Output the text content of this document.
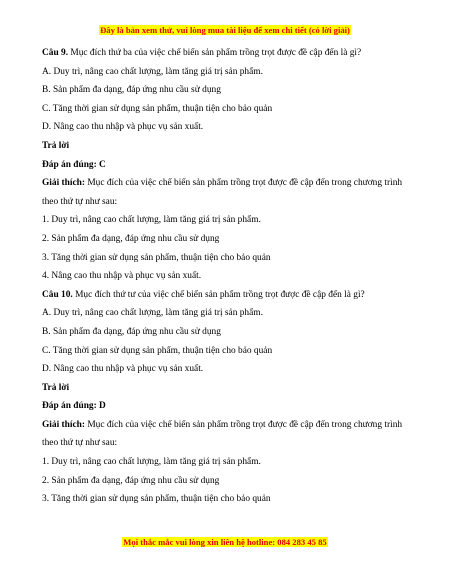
Đây là bản xem thử, vui lòng mua tài liệu để xem chi tiết (có lời giải)
Câu 9. Mục đích thứ ba của việc chế biến sản phẩm trồng trọt được đề cập đến là gì?
A. Duy trì, nâng cao chất lượng, làm tăng giá trị sản phẩm.
B. Sản phẩm đa dạng, đáp ứng nhu cầu sử dụng
C. Tăng thời gian sử dụng sản phẩm, thuận tiện cho bảo quản
D. Nâng cao thu nhập và phục vụ sản xuất.
Trả lời
Đáp án đúng: C
Giải thích: Mục đích của việc chế biến sản phẩm trồng trọt được đề cập đến trong chương trình theo thứ tự như sau:
1. Duy trì, nâng cao chất lượng, làm tăng giá trị sản phẩm.
2. Sản phẩm đa dạng, đáp ứng nhu cầu sử dụng
3. Tăng thời gian sử dụng sản phẩm, thuận tiện cho bảo quản
4. Nâng cao thu nhập và phục vụ sản xuất.
Câu 10. Mục đích thứ tư của việc chế biến sản phẩm trồng trọt được đề cập đến là gì?
A. Duy trì, nâng cao chất lượng, làm tăng giá trị sản phẩm.
B. Sản phẩm đa dạng, đáp ứng nhu cầu sử dụng
C. Tăng thời gian sử dụng sản phẩm, thuận tiện cho bảo quản
D. Nâng cao thu nhập và phục vụ sản xuất.
Trả lời
Đáp án đúng: D
Giải thích: Mục đích của việc chế biến sản phẩm trồng trọt được đề cập đến trong chương trình theo thứ tự như sau:
1. Duy trì, nâng cao chất lượng, làm tăng giá trị sản phẩm.
2. Sản phẩm đa dạng, đáp ứng nhu cầu sử dụng
3. Tăng thời gian sử dụng sản phẩm, thuận tiện cho bảo quản
Mọi thắc mắc vui lòng xin liên hệ hotline: 084 283 45 85
